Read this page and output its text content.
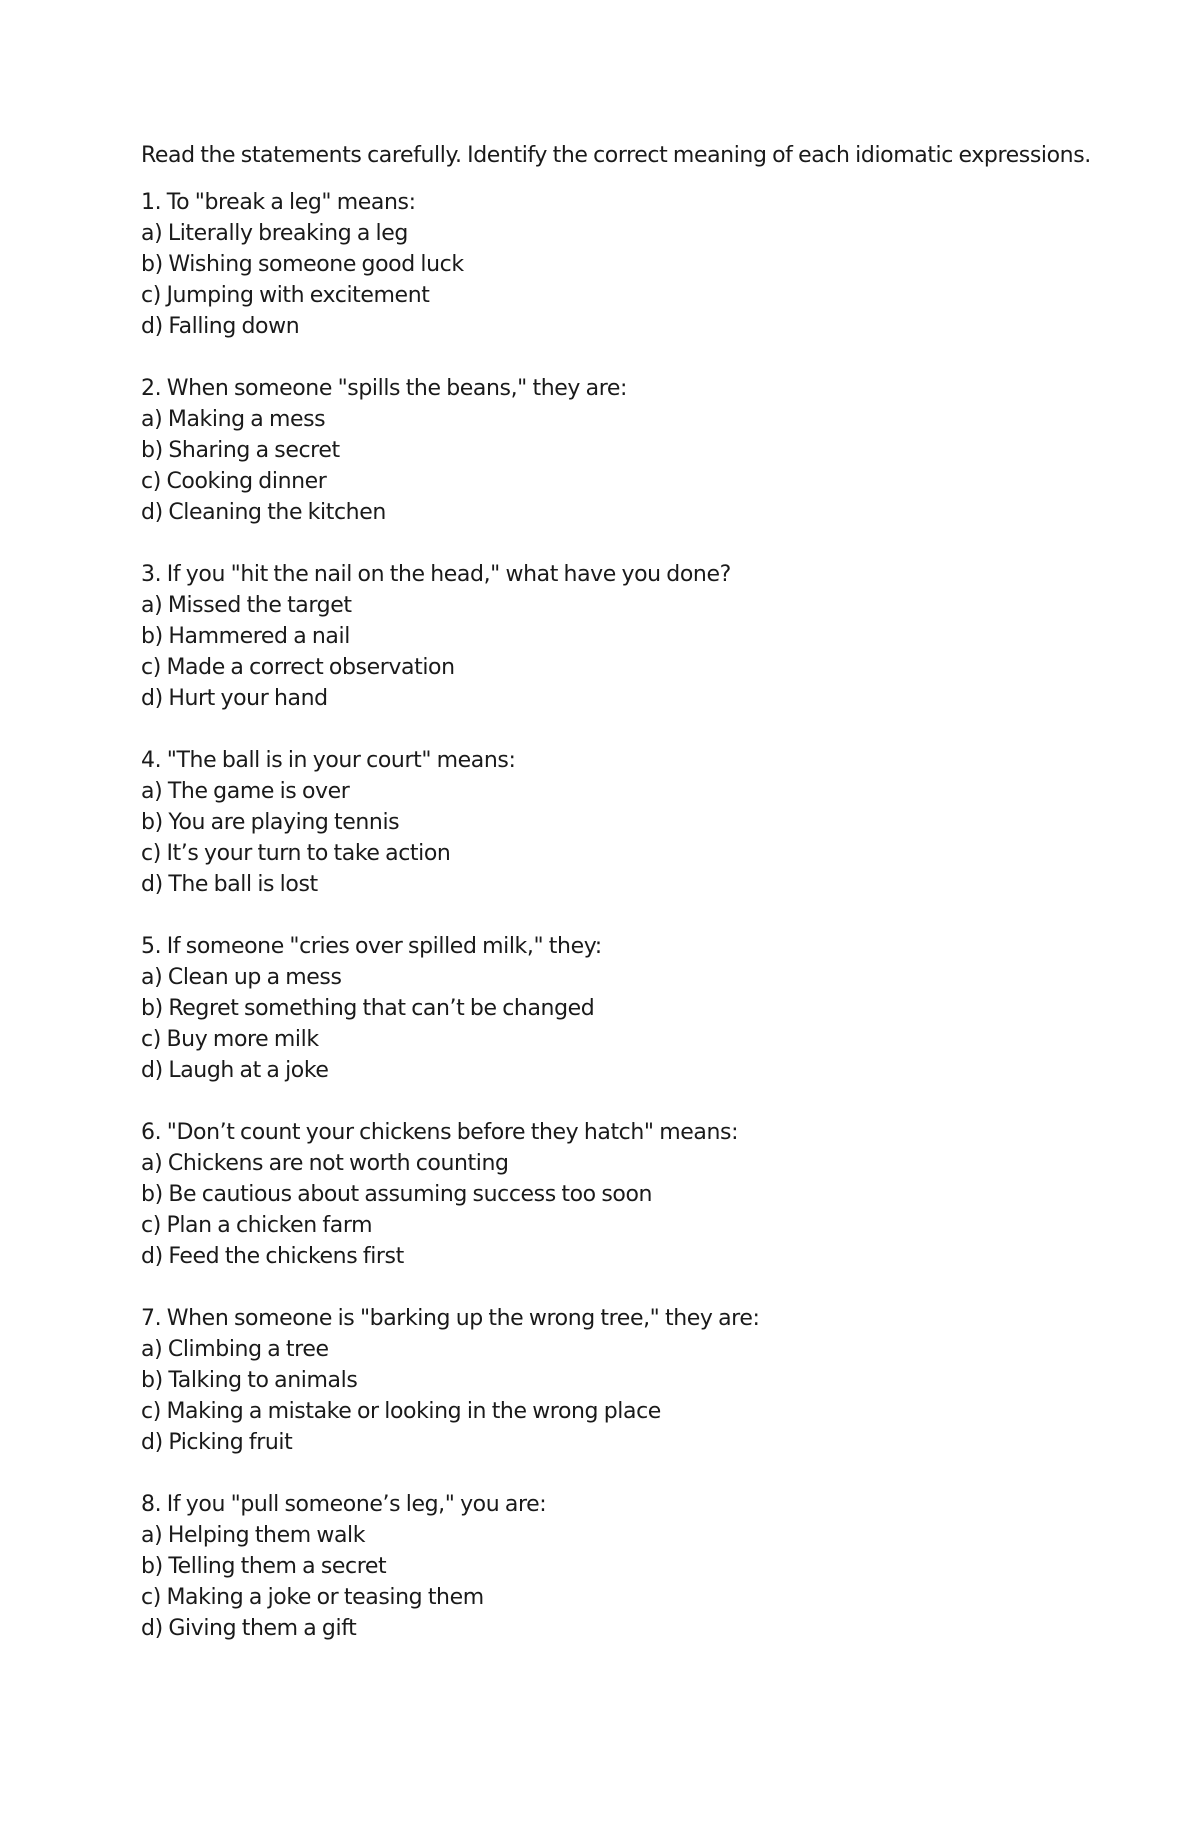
Read the statements carefully. Identify the correct meaning of each idiomatic expressions.

1. To "break a leg" means:
a) Literally breaking a leg
b) Wishing someone good luck
c) Jumping with excitement
d) Falling down
2. When someone "spills the beans," they are:
a) Making a mess
b) Sharing a secret
c) Cooking dinner
d) Cleaning the kitchen
3. If you "hit the nail on the head," what have you done?
a) Missed the target
b) Hammered a nail
c) Made a correct observation
d) Hurt your hand
4. "The ball is in your court" means:
a) The game is over
b) You are playing tennis
c) It’s your turn to take action
d) The ball is lost
5. If someone "cries over spilled milk," they:
a) Clean up a mess
b) Regret something that can’t be changed
c) Buy more milk
d) Laugh at a joke
6. "Don’t count your chickens before they hatch" means:
a) Chickens are not worth counting
b) Be cautious about assuming success too soon
c) Plan a chicken farm
d) Feed the chickens first
7. When someone is "barking up the wrong tree," they are:
a) Climbing a tree
b) Talking to animals
c) Making a mistake or looking in the wrong place
d) Picking fruit
8. If you "pull someone’s leg," you are:
a) Helping them walk
b) Telling them a secret
c) Making a joke or teasing them
d) Giving them a gift
